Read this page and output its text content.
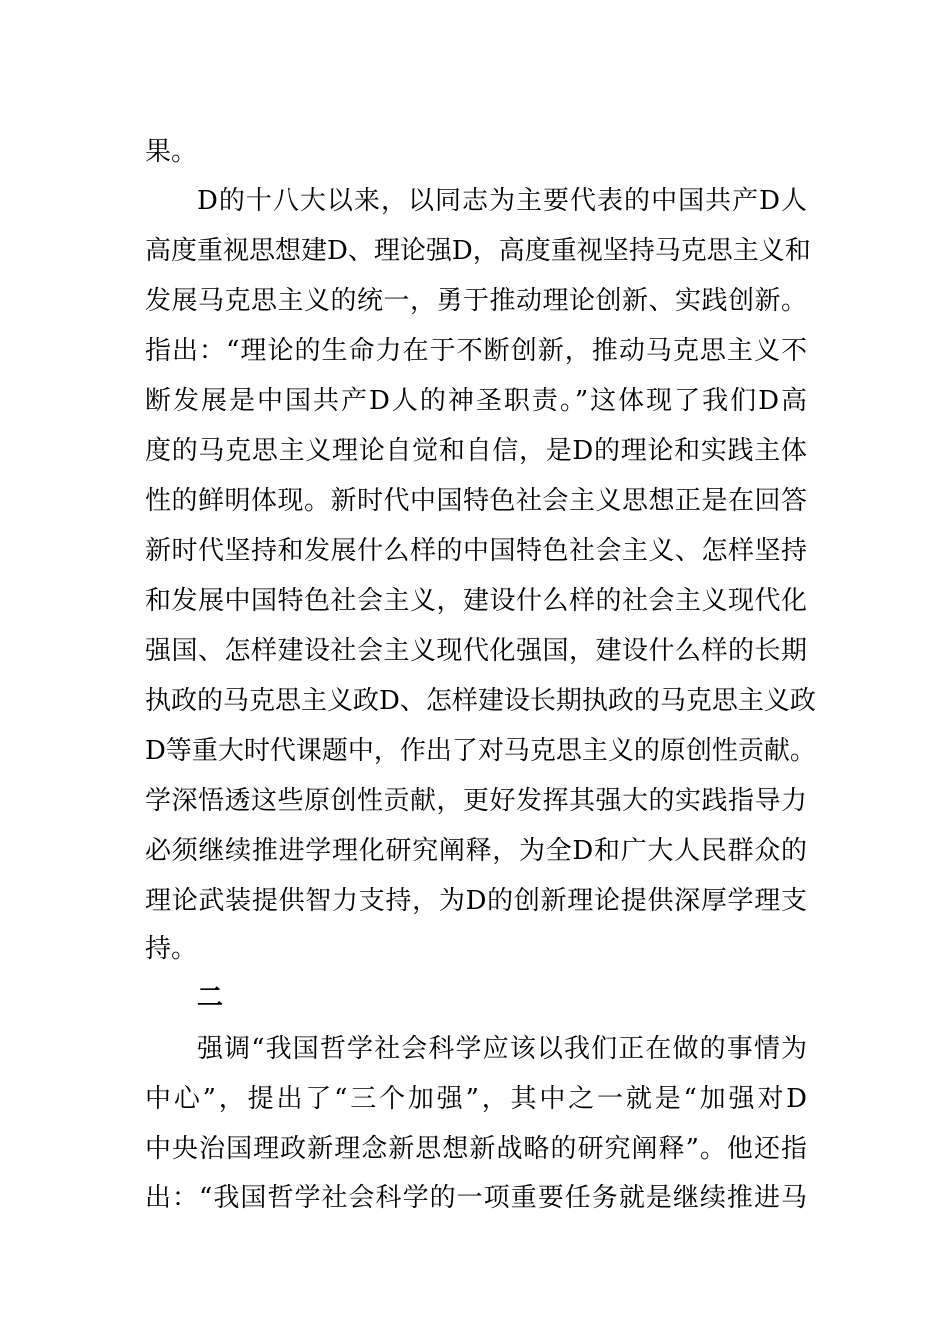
果。
D的十八大以来，以同志为主要代表的中国共产D人
高度重视思想建D、理论强D，高度重视坚持马克思主义和
发展马克思主义的统一，勇于推动理论创新、实践创新。
指出：“理论的生命力在于不断创新，推动马克思主义不
断发展是中国共产D人的神圣职责。”这体现了我们D高
度的马克思主义理论自觉和自信，是D的理论和实践主体
性的鲜明体现。新时代中国特色社会主义思想正是在回答
新时代坚持和发展什么样的中国特色社会主义、怎样坚持
和发展中国特色社会主义，建设什么样的社会主义现代化
强国、怎样建设社会主义现代化强国，建设什么样的长期
执政的马克思主义政D、怎样建设长期执政的马克思主义政
D等重大时代课题中，作出了对马克思主义的原创性贡献。
学深悟透这些原创性贡献，更好发挥其强大的实践指导力
必须继续推进学理化研究阐释，为全D和广大人民群众的
理论武装提供智力支持，为D的创新理论提供深厚学理支
持。
二
强调“我国哲学社会科学应该以我们正在做的事情为
中心”，提出了“三个加强”，其中之一就是“加强对D
中央治国理政新理念新思想新战略的研究阐释”。他还指
出：“我国哲学社会科学的一项重要任务就是继续推进马
